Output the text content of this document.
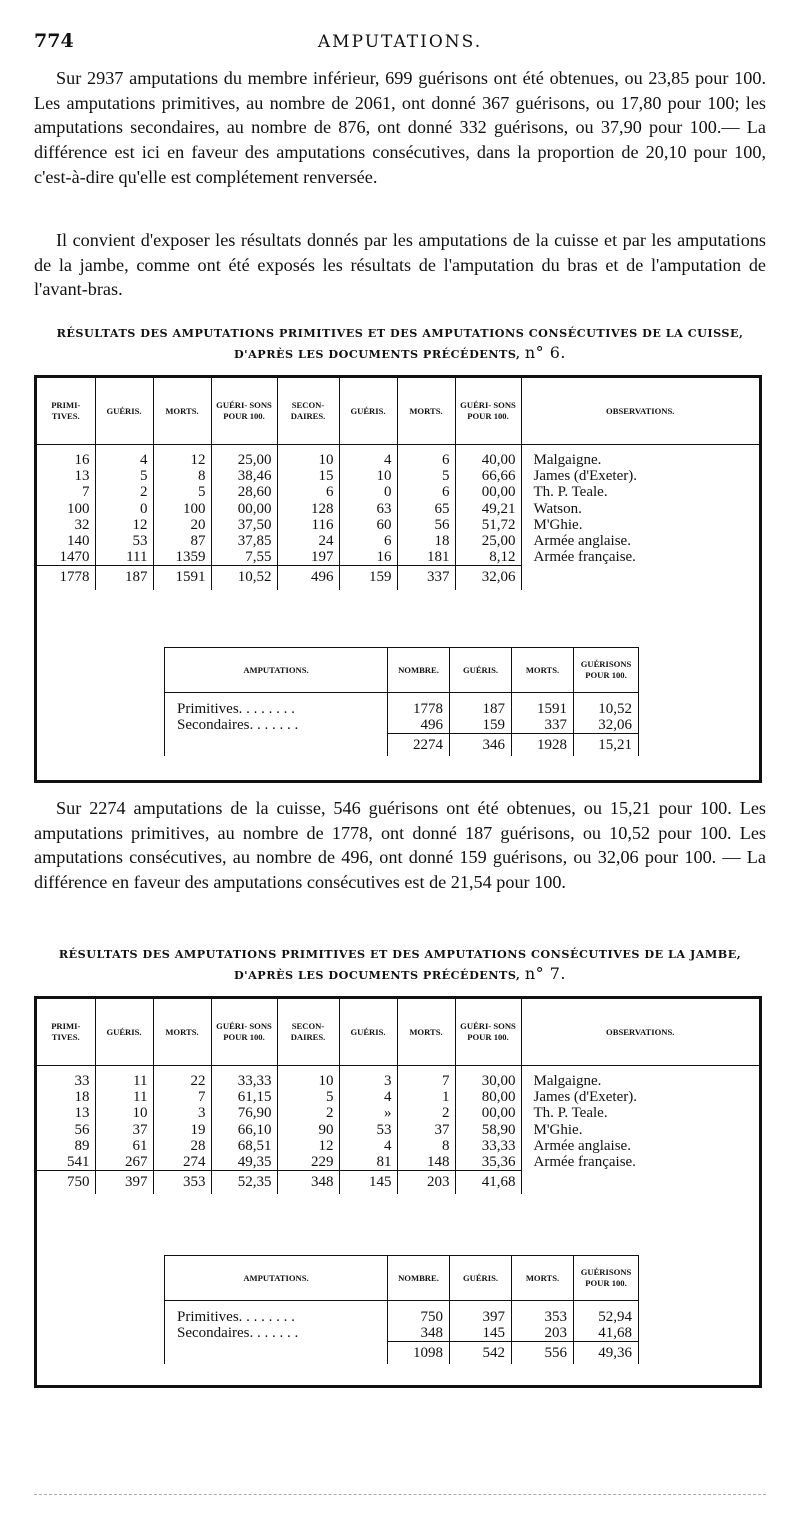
774	AMPUTATIONS.
Sur 2937 amputations du membre inférieur, 699 guérisons ont été obtenues, ou 23,85 pour 100. Les amputations primitives, au nombre de 2061, ont donné 367 guérisons, ou 17,80 pour 100; les amputations secondaires, au nombre de 876, ont donné 332 guérisons, ou 37,90 pour 100.— La différence est ici en faveur des amputations consécutives, dans la proportion de 20,10 pour 100, c'est-à-dire qu'elle est complétement renversée.
Il convient d'exposer les résultats donnés par les amputations de la cuisse et par les amputations de la jambe, comme ont été exposés les résultats de l'amputation du bras et de l'amputation de l'avant-bras.
RÉSULTATS DES AMPUTATIONS PRIMITIVES ET DES AMPUTATIONS CONSÉCUTIVES DE LA CUISSE, D'APRÈS LES DOCUMENTS PRÉCÉDENTS, n° 6.
PRIMI- TIVES.	GUÉRIS.	MORTS.	GUÉRI- SONS POUR 100.	SECON- DAIRES.	GUÉRIS.	MORTS.	GUÉRI- SONS POUR 100.	OBSERVATIONS.
16	4	12	25,00	10	4	6	40,00	Malgaigne.
13	5	8	38,46	15	10	5	66,66	James (d'Exeter).
7	2	5	28,60	6	0	6	00,00	Th. P. Teale.
100	0	100	00,00	128	63	65	49,21	Watson.
32	12	20	37,50	116	60	56	51,72	M'Ghie.
140	53	87	37,85	24	6	18	25,00	Armée anglaise.
1470	111	1359	7,55	197	16	181	8,12	Armée française.
1778	187	1591	10,52	496	159	337	32,06	
AMPUTATIONS.	NOMBRE.	GUÉRIS.	MORTS.	GUÉRISONS POUR 100.
Primitives. . . . . . . .	1778	187	1591	10,52
Secondaires. . . . . . .	496	159	337	32,06
	2274	346	1928	15,21
Sur 2274 amputations de la cuisse, 546 guérisons ont été obtenues, ou 15,21 pour 100. Les amputations primitives, au nombre de 1778, ont donné 187 guérisons, ou 10,52 pour 100. Les amputations consécutives, au nombre de 496, ont donné 159 guérisons, ou 32,06 pour 100. — La différence en faveur des amputations consécutives est de 21,54 pour 100.
RÉSULTATS DES AMPUTATIONS PRIMITIVES ET DES AMPUTATIONS CONSÉCUTIVES DE LA JAMBE, D'APRÈS LES DOCUMENTS PRÉCÉDENTS, n° 7.
PRIMI- TIVES.	GUÉRIS.	MORTS.	GUÉRI- SONS POUR 100.	SECON- DAIRES.	GUÉRIS.	MORTS.	GUÉRI- SONS POUR 100.	OBSERVATIONS.
33	11	22	33,33	10	3	7	30,00	Malgaigne.
18	11	7	61,15	5	4	1	80,00	James (d'Exeter).
13	10	3	76,90	2	»	2	00,00	Th. P. Teale.
56	37	19	66,10	90	53	37	58,90	M'Ghie.
89	61	28	68,51	12	4	8	33,33	Armée anglaise.
541	267	274	49,35	229	81	148	35,36	Armée française.
750	397	353	52,35	348	145	203	41,68	
AMPUTATIONS.	NOMBRE.	GUÉRIS.	MORTS.	GUÉRISONS POUR 100.
Primitives. . . . . . . .	750	397	353	52,94
Secondaires. . . . . . .	348	145	203	41,68
	1098	542	556	49,36
